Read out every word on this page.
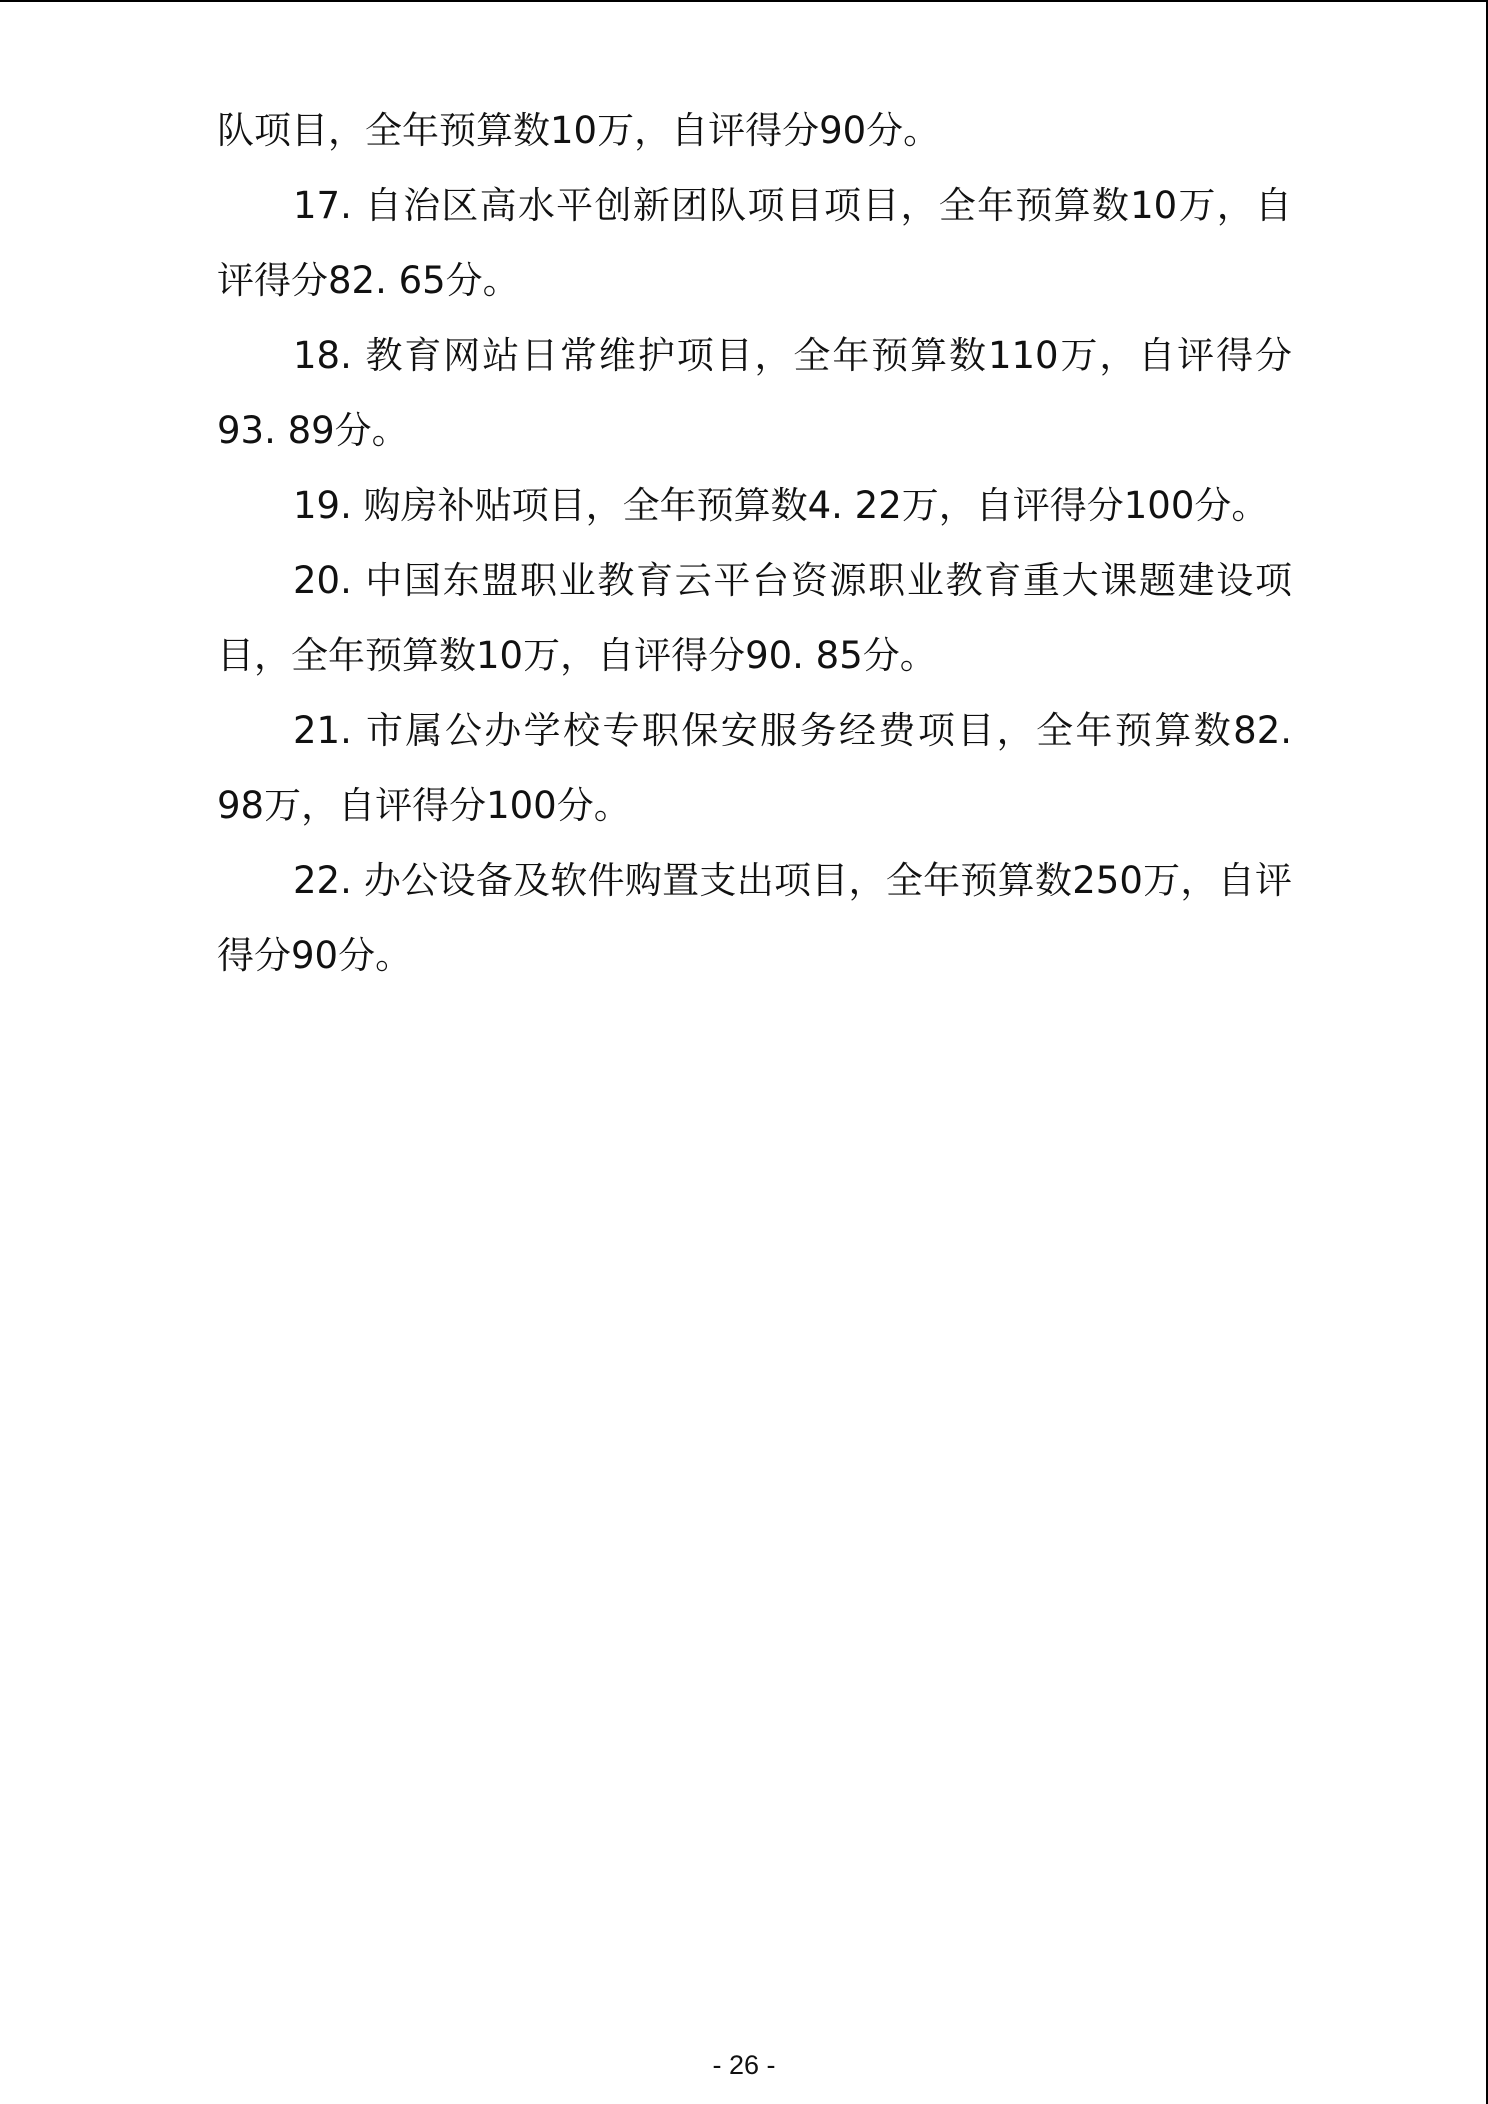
队项目，全年预算数10万，自评得分90分。

17. 自治区高水平创新团队项目项目，全年预算数10万，自评得分82. 65分。

18. 教育网站日常维护项目，全年预算数110万，自评得分93. 89分。

19. 购房补贴项目，全年预算数4. 22万，自评得分100分。

20. 中国东盟职业教育云平台资源职业教育重大课题建设项目，全年预算数10万，自评得分90. 85分。

21. 市属公办学校专职保安服务经费项目，全年预算数82. 98万，自评得分100分。

22. 办公设备及软件购置支出项目，全年预算数250万，自评得分90分。

- 26 -
